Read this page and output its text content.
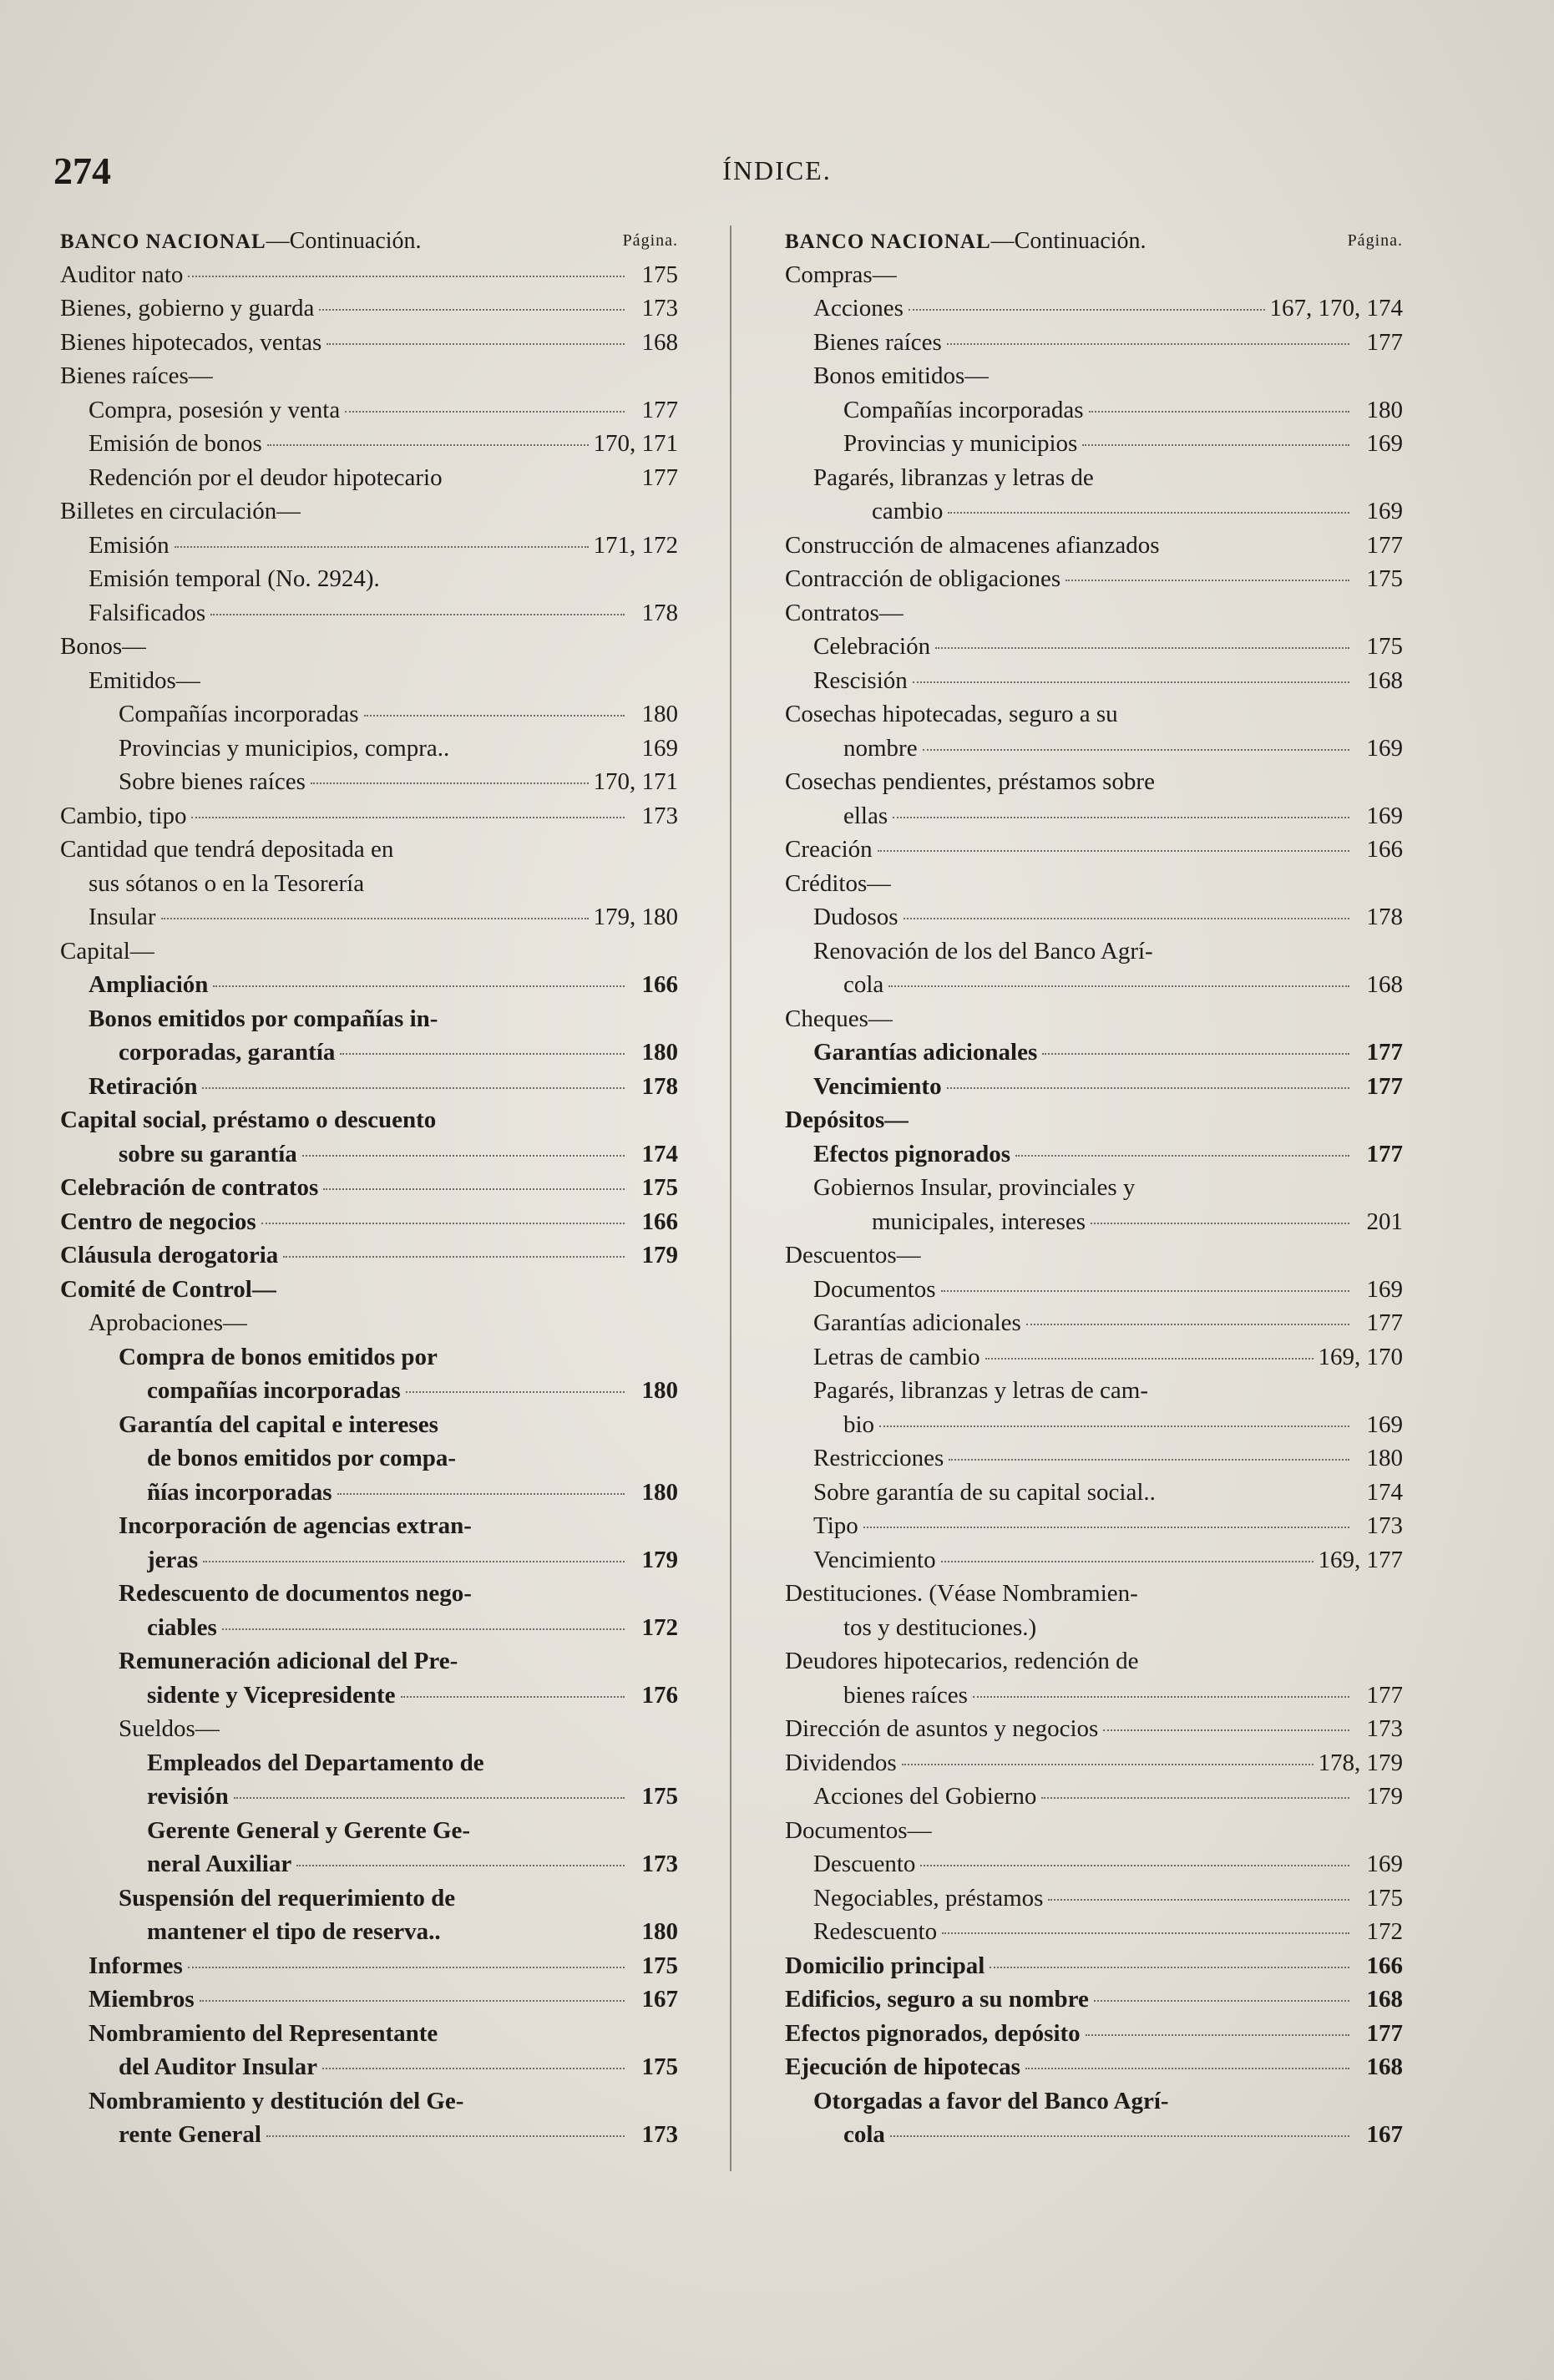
274	ÍNDICE.
BANCO NACIONAL—Continuación.	Página.
Auditor nato	175
Bienes, gobierno y guarda	173
Bienes hipotecados, ventas	168
Bienes raíces—
Compra, posesión y venta	177
Emisión de bonos	170, 171
Redención por el deudor hipotecario	177
Billetes en circulación—
Emisión	171, 172
Emisión temporal (No. 2924).
Falsificados	178
Bonos—
Emitidos—
Compañías incorporadas	180
Provincias y municipios, compra..	169
Sobre bienes raíces	170, 171
Cambio, tipo	173
Cantidad que tendrá depositada en
sus sótanos o en la Tesorería
Insular	179, 180
Capital—
Ampliación	166
Bonos emitidos por compañías in-
corporadas, garantía	180
Retiración	178
Capital social, préstamo o descuento
sobre su garantía	174
Celebración de contratos	175
Centro de negocios	166
Cláusula derogatoria	179
Comité de Control—
Aprobaciones—
Compra de bonos emitidos por
compañías incorporadas	180
Garantía del capital e intereses
de bonos emitidos por compa-
ñías incorporadas	180
Incorporación de agencias extran-
jeras	179
Redescuento de documentos nego-
ciables	172
Remuneración adicional del Pre-
sidente y Vicepresidente	176
Sueldos—
Empleados del Departamento de
revisión	175
Gerente General y Gerente Ge-
neral Auxiliar	173
Suspensión del requerimiento de
mantener el tipo de reserva..	180
Informes	175
Miembros	167
Nombramiento del Representante
del Auditor Insular	175
Nombramiento y destitución del Ge-
rente General	173
BANCO NACIONAL—Continuación.	Página.
Compras—
Acciones	167, 170, 174
Bienes raíces	177
Bonos emitidos—
Compañías incorporadas	180
Provincias y municipios	169
Pagarés, libranzas y letras de
cambio	169
Construcción de almacenes afianzados	177
Contracción de obligaciones	175
Contratos—
Celebración	175
Rescisión	168
Cosechas hipotecadas, seguro a su
nombre	169
Cosechas pendientes, préstamos sobre
ellas	169
Creación	166
Créditos—
Dudosos	178
Renovación de los del Banco Agrí-
cola	168
Cheques—
Garantías adicionales	177
Vencimiento	177
Depósitos—
Efectos pignorados	177
Gobiernos Insular, provinciales y
municipales, intereses	201
Descuentos—
Documentos	169
Garantías adicionales	177
Letras de cambio	169, 170
Pagarés, libranzas y letras de cam-
bio	169
Restricciones	180
Sobre garantía de su capital social..	174
Tipo	173
Vencimiento	169, 177
Destituciones. (Véase Nombramien-
tos y destituciones.)
Deudores hipotecarios, redención de
bienes raíces	177
Dirección de asuntos y negocios	173
Dividendos	178, 179
Acciones del Gobierno	179
Documentos—
Descuento	169
Negociables, préstamos	175
Redescuento	172
Domicilio principal	166
Edificios, seguro a su nombre	168
Efectos pignorados, depósito	177
Ejecución de hipotecas	168
Otorgadas a favor del Banco Agrí-
cola	167
